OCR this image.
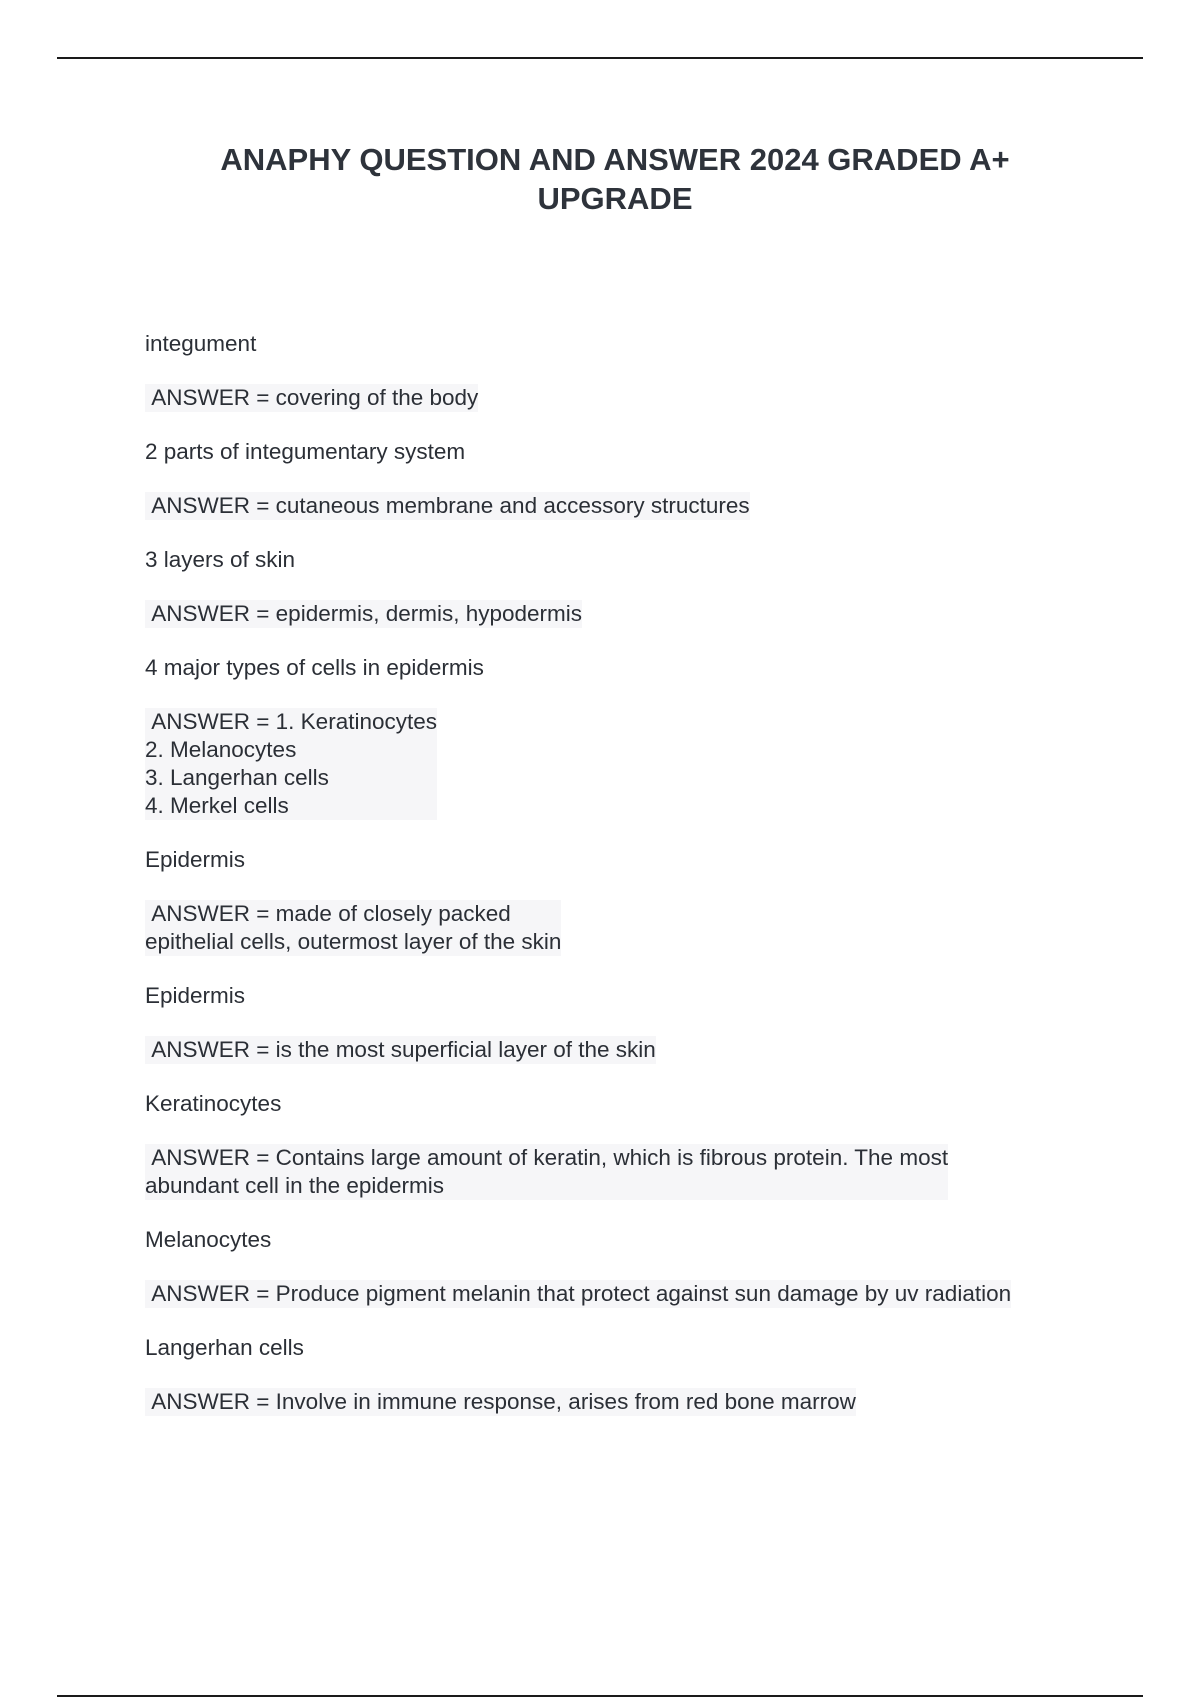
ANAPHY QUESTION AND ANSWER 2024 GRADED A+
UPGRADE

integument

ANSWER = covering of the body

2 parts of integumentary system

ANSWER = cutaneous membrane and accessory structures

3 layers of skin

ANSWER = epidermis, dermis, hypodermis

4 major types of cells in epidermis

ANSWER = 1. Keratinocytes
2. Melanocytes
3. Langerhan cells
4. Merkel cells

Epidermis

ANSWER = made of closely packed
epithelial cells, outermost layer of the skin

Epidermis

ANSWER = is the most superficial layer of the skin

Keratinocytes

ANSWER = Contains large amount of keratin, which is fibrous protein. The most
abundant cell in the epidermis

Melanocytes

ANSWER = Produce pigment melanin that protect against sun damage by uv radiation

Langerhan cells

ANSWER = Involve in immune response, arises from red bone marrow
